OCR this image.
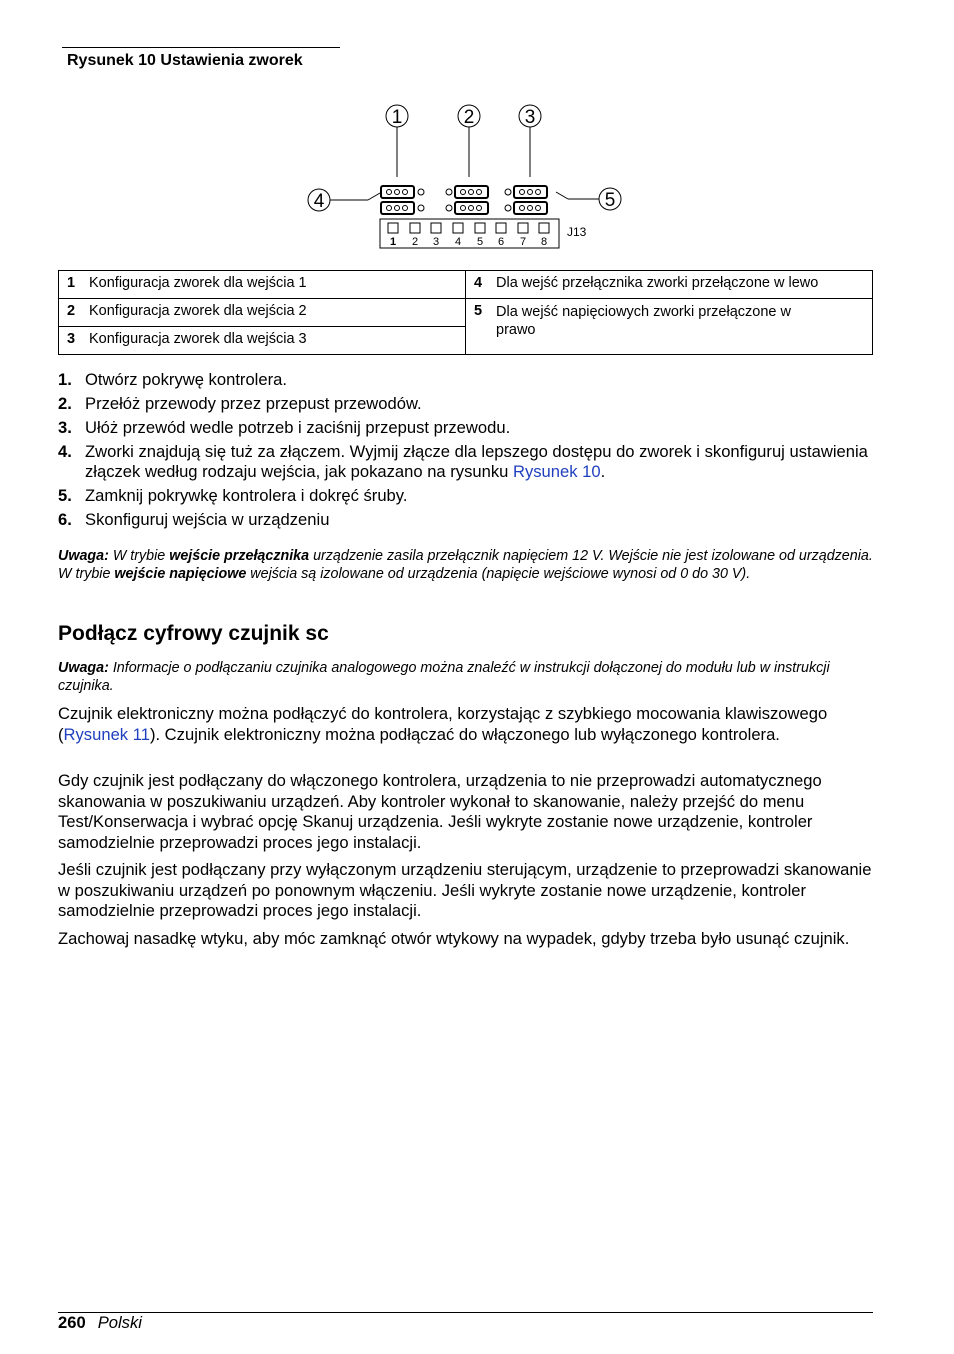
Rysunek 10 Ustawienia zworek
1	2	3
4	5
1 2 3 4 5 6 7 8
J13
1 Konfiguracja zworek dla wejścia 1	4 Dla wejść przełącznika zworki przełączone w lewo
2 Konfiguracja zworek dla wejścia 2	5 Dla wejść napięciowych zworki przełączone w prawo
3 Konfiguracja zworek dla wejścia 3	
1. Otwórz pokrywę kontrolera.
2. Przełóż przewody przez przepust przewodów.
3. Ułóż przewód wedle potrzeb i zaciśnij przepust przewodu.
4. Zworki znajdują się tuż za złączem. Wyjmij złącze dla lepszego dostępu do zworek i skonfiguruj ustawienia złączek według rodzaju wejścia, jak pokazano na rysunku Rysunek 10.
5. Zamknij pokrywkę kontrolera i dokręć śruby.
6. Skonfiguruj wejścia w urządzeniu
Uwaga: W trybie wejście przełącznika urządzenie zasila przełącznik napięciem 12 V. Wejście nie jest izolowane od urządzenia. W trybie wejście napięciowe wejścia są izolowane od urządzenia (napięcie wejściowe wynosi od 0 do 30 V).
Podłącz cyfrowy czujnik sc
Uwaga: Informacje o podłączaniu czujnika analogowego można znaleźć w instrukcji dołączonej do modułu lub w instrukcji czujnika.

Czujnik elektroniczny można podłączyć do kontrolera, korzystając z szybkiego mocowania klawiszowego (Rysunek 11). Czujnik elektroniczny można podłączać do włączonego lub wyłączonego kontrolera.

Gdy czujnik jest podłączany do włączonego kontrolera, urządzenia to nie przeprowadzi automatycznego skanowania w poszukiwaniu urządzeń. Aby kontroler wykonał to skanowanie, należy przejść do menu Test/Konserwacja i wybrać opcję Skanuj urządzenia. Jeśli wykryte zostanie nowe urządzenie, kontroler samodzielnie przeprowadzi proces jego instalacji.

Jeśli czujnik jest podłączany przy wyłączonym urządzeniu sterującym, urządzenie to przeprowadzi skanowanie w poszukiwaniu urządzeń po ponownym włączeniu. Jeśli wykryte zostanie nowe urządzenie, kontroler samodzielnie przeprowadzi proces jego instalacji.

Zachowaj nasadkę wtyku, aby móc zamknąć otwór wtykowy na wypadek, gdyby trzeba było usunąć czujnik.

260 Polski
